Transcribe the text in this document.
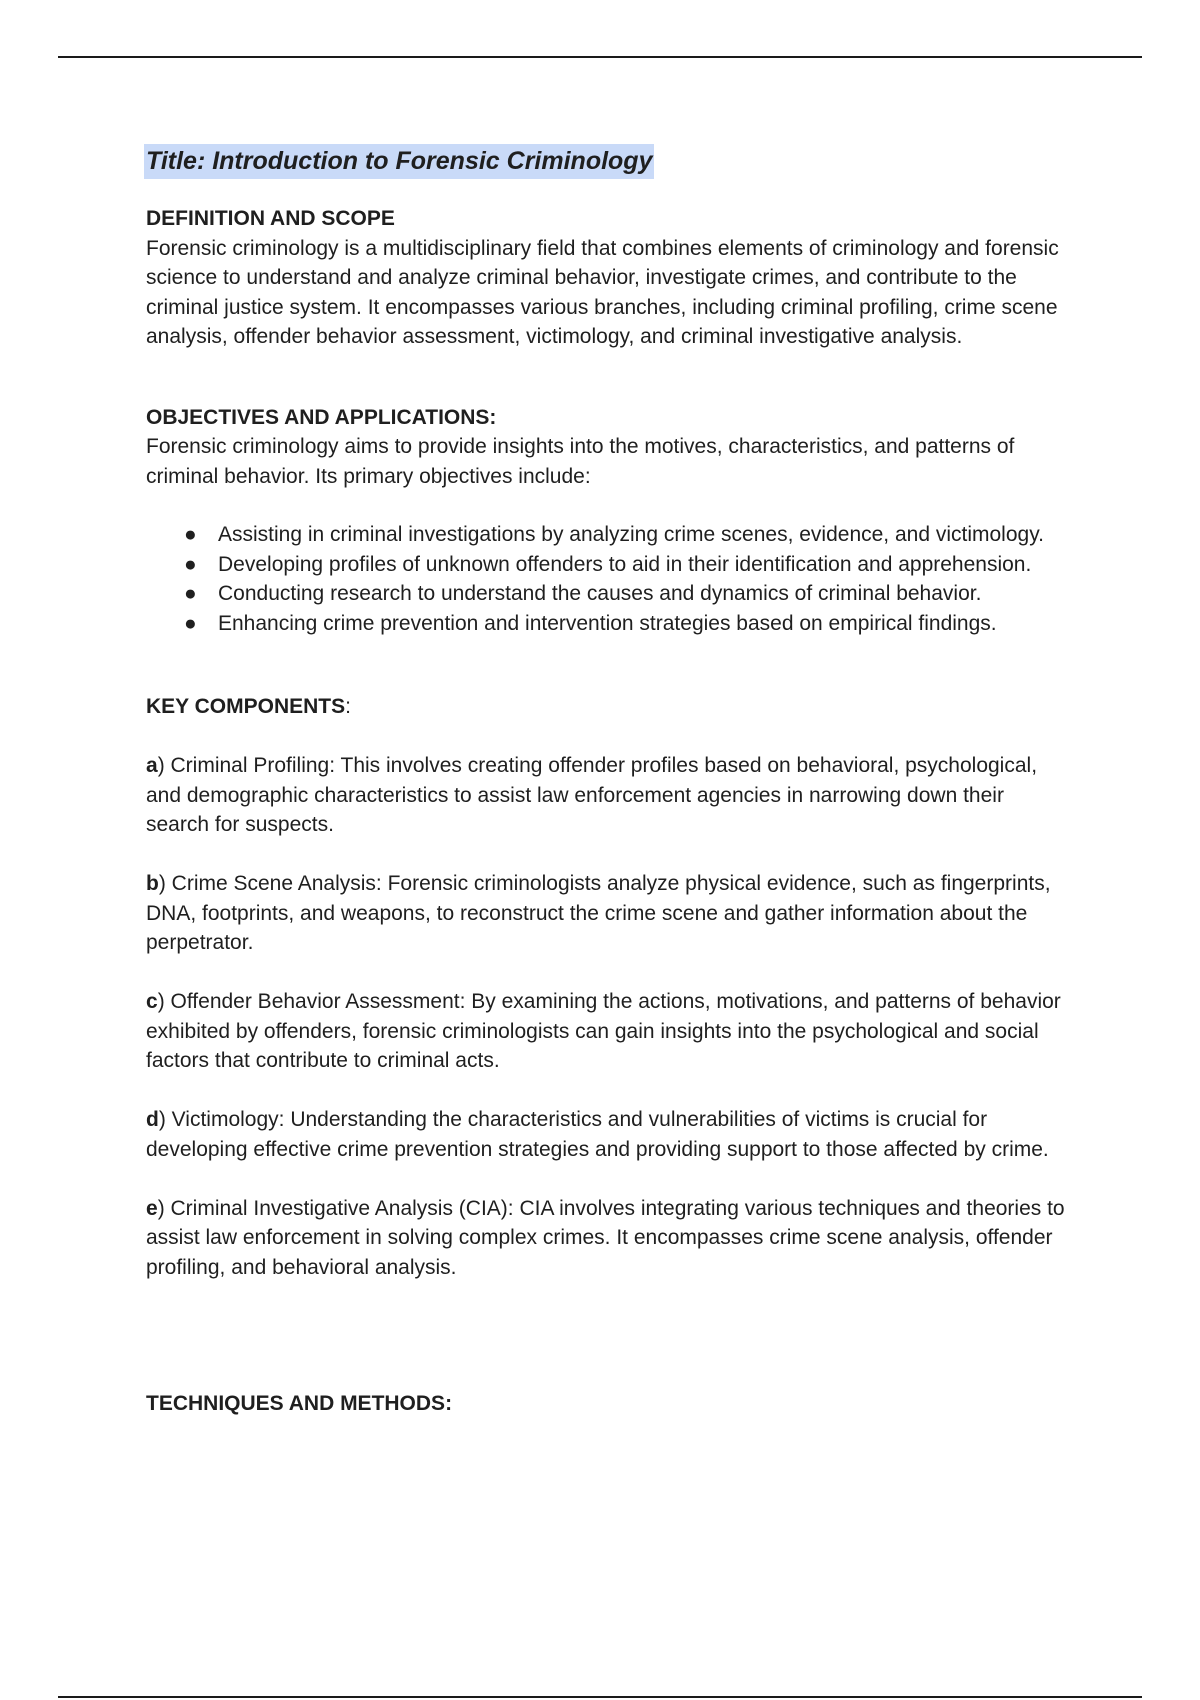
Title: Introduction to Forensic Criminology

DEFINITION AND SCOPE

Forensic criminology is a multidisciplinary field that combines elements of criminology and forensic science to understand and analyze criminal behavior, investigate crimes, and contribute to the criminal justice system. It encompasses various branches, including criminal profiling, crime scene analysis, offender behavior assessment, victimology, and criminal investigative analysis.

OBJECTIVES AND APPLICATIONS:

Forensic criminology aims to provide insights into the motives, characteristics, and patterns of criminal behavior. Its primary objectives include:

● Assisting in criminal investigations by analyzing crime scenes, evidence, and victimology.
● Developing profiles of unknown offenders to aid in their identification and apprehension.
● Conducting research to understand the causes and dynamics of criminal behavior.
● Enhancing crime prevention and intervention strategies based on empirical findings.

KEY COMPONENTS:

a) Criminal Profiling: This involves creating offender profiles based on behavioral, psychological, and demographic characteristics to assist law enforcement agencies in narrowing down their search for suspects.

b) Crime Scene Analysis: Forensic criminologists analyze physical evidence, such as fingerprints, DNA, footprints, and weapons, to reconstruct the crime scene and gather information about the perpetrator.

c) Offender Behavior Assessment: By examining the actions, motivations, and patterns of behavior exhibited by offenders, forensic criminologists can gain insights into the psychological and social factors that contribute to criminal acts.

d) Victimology: Understanding the characteristics and vulnerabilities of victims is crucial for developing effective crime prevention strategies and providing support to those affected by crime.

e) Criminal Investigative Analysis (CIA): CIA involves integrating various techniques and theories to assist law enforcement in solving complex crimes. It encompasses crime scene analysis, offender profiling, and behavioral analysis.

TECHNIQUES AND METHODS:
